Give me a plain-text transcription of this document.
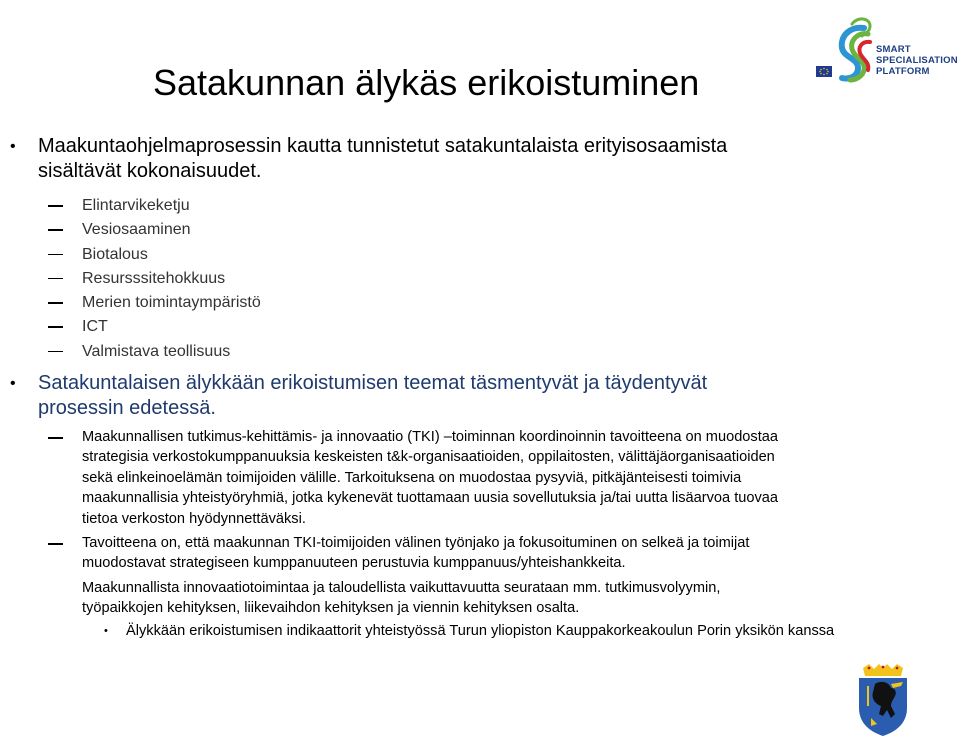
Satakunnan älykäs erikoistuminen
SMART
SPECIALISATION
PLATFORM
• Maakuntaohjelmaprosessin kautta tunnistetut satakuntalaista erityisosaamista
sisältävät kokonaisuudet.
Elintarvikeketju
Vesiosaaminen
Biotalous
Resursssitehokkuus
Merien toimintaympäristö
ICT
Valmistava teollisuus
• Satakuntalaisen älykkään erikoistumisen teemat täsmentyvät ja täydentyvät
prosessin edetessä.
Maakunnallisen tutkimus-kehittämis- ja innovaatio (TKI) –toiminnan koordinoinnin tavoitteena on muodostaa
strategisia verkostokumppanuuksia keskeisten t&k-organisaatioiden, oppilaitosten, välittäjäorganisaatioiden
sekä elinkeinoelämän toimijoiden välille. Tarkoituksena on muodostaa pysyviä, pitkäjänteisesti toimivia
maakunnallisia yhteistyöryhmiä, jotka kykenevät tuottamaan uusia sovellutuksia ja/tai uutta lisäarvoa tuovaa
tietoa verkoston hyödynnettäväksi.
Tavoitteena on, että maakunnan TKI-toimijoiden välinen työnjako ja fokusoituminen on selkeä ja toimijat
muodostavat strategiseen kumppanuuteen perustuvia kumppanuus/yhteishankkeita.
Maakunnallista innovaatiotoimintaa ja taloudellista vaikuttavuutta seurataan mm. tutkimusvolyymin,
työpaikkojen kehityksen, liikevaihdon kehityksen ja viennin kehityksen osalta.
• Älykkään erikoistumisen indikaattorit yhteistyössä Turun yliopiston Kauppakorkeakoulun Porin yksikön kanssa
